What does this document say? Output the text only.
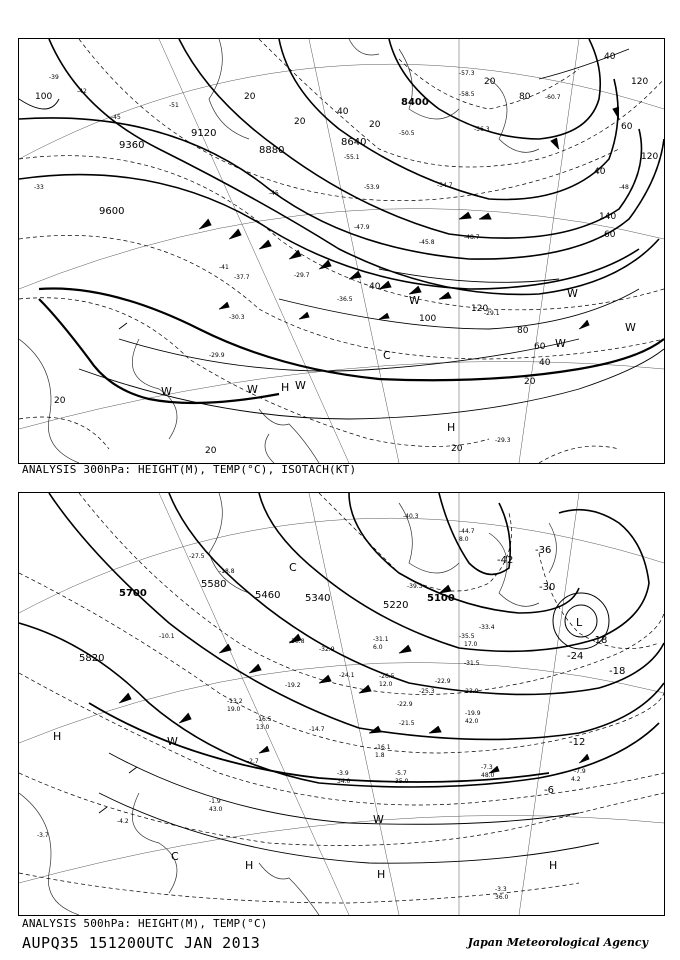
9600
9360
9120
8880
8640
8400
100	20
20
40
20
20
80
40
120
60
120
40
140
60
40
120
100
80
60
40
20
20
20	20
-39
-42
-45
-51
-55.1
-53.9
-47.9
-45.8
-48.7
-41
-37.7
-33
-30.3
-29.9
-29.1
-29.7
-29.3
-50.5
-60.7
-57.3
-58.5
-56.3
-54.7
-36.5
-45
-48
W	H W
H
W
C
W
W
W
W
ANALYSIS 300hPa: HEIGHT(M), TEMP(°C), ISOTACH(KT)
5820
5700
5580
5460 5340
5220
5100
-42
-36
-30
-24
-18
-12
-6
-18
-40.3
-44.7
-39.3
-35.5
-31.1
-31.5
-30.8
-32.9
-26.5
-24.1
-23.9
-22.9
-19.9
-21.5
-16.1
-13.2
-16.5
-19.2
-14.7
-5.7
-7.3
-7.9
-3.9
-2.7
-1.9
-4.2
-3.7
-3.3
-10.1
-18.8
-27.5
-33.4
-22.9
-25.3
4.2
48.0
43.0
34.0
36.0
35.0
19.0
12.0
13.0
17.0
42.0
8.0
1.8
6.0
H	W
C
H
H
W
H
L
C
ANALYSIS 500hPa: HEIGHT(M), TEMP(°C)
AUPQ35 151200UTC JAN 2013	Japan Meteorological Agency
